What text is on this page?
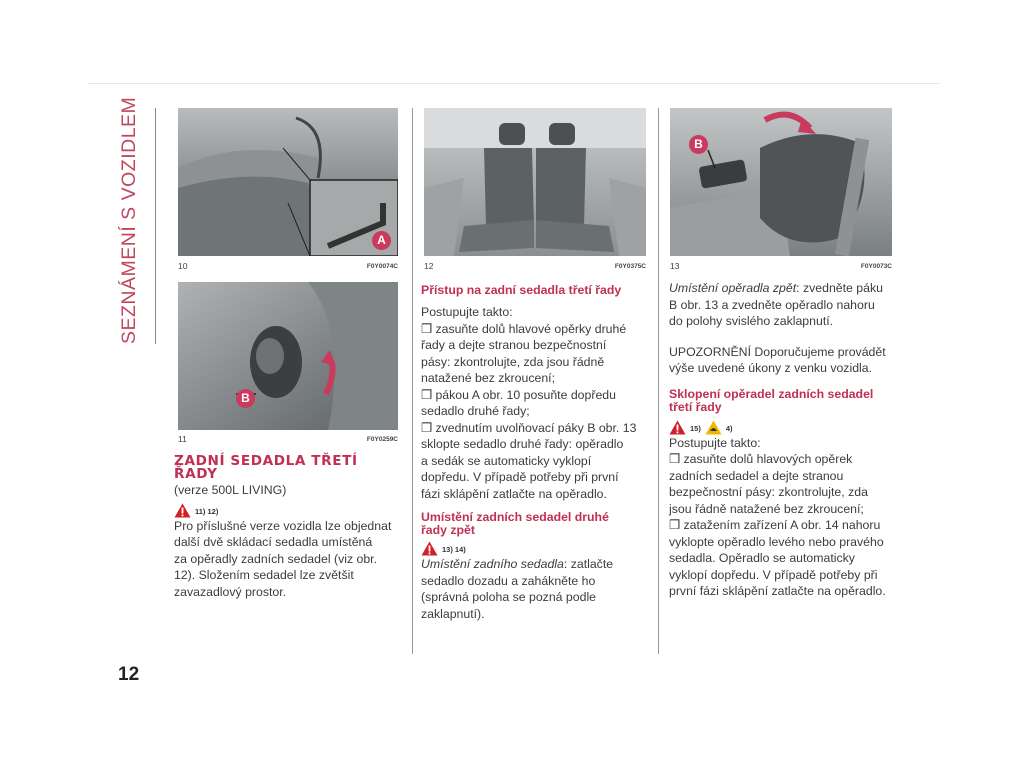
SEZNÁMENÍ S VOZIDLEM	A
10	F0Y0074C
B
11	F0Y0259C
ZADNÍ SEDADLA TŘETÍ
ŘADY
(verze 500L LIVING)
11) 12)

Pro příslušné verze vozidla lze objednat

další dvě skládací sedadla umístěná

za opěradly zadních sedadel (viz obr.

12). Složením sedadel lze zvětšit

zavazadlový prostor.

12
12	F0Y0375C
Přístup na zadní sedadla třetí řady

Postupujte takto:

❒ zasuňte dolů hlavové opěrky druhé

řady a dejte stranou bezpečnostní

pásy: zkontrolujte, zda jsou řádně

natažené bez zkroucení;

❒ pákou A obr. 10 posuňte dopředu

sedadlo druhé řady;

❒ zvednutím uvolňovací páky B obr. 13

sklopte sedadlo druhé řady: opěradlo

a sedák se automaticky vyklopí

dopředu. V případě potřeby při první

fázi sklápění zatlačte na opěradlo.

Umístění zadních sedadel druhé
řady zpět
13) 14)

Umístění zadního sedadla: zatlačte

sedadlo dozadu a zahákněte ho

(správná poloha se pozná podle

zaklapnutí).

B
13	F0Y0073C

Umístění opěradla zpět: zvedněte páku

B obr. 13 a zvedněte opěradlo nahoru

do polohy svislého zaklapnutí.

UPOZORNĚNÍ Doporučujeme provádět

výše uvedené úkony z venku vozidla.

Sklopení opěradel zadních sedadel
třetí řady
15)	4)

Postupujte takto:

❒ zasuňte dolů hlavových opěrek

zadních sedadel a dejte stranou

bezpečnostní pásy: zkontrolujte, zda

jsou řádně natažené bez zkroucení;

❒ zatažením zařízení A obr. 14 nahoru

vyklopte opěradlo levého nebo pravého

sedadla. Opěradlo se automaticky

vyklopí dopředu. V případě potřeby při

první fázi sklápění zatlačte na opěradlo.
